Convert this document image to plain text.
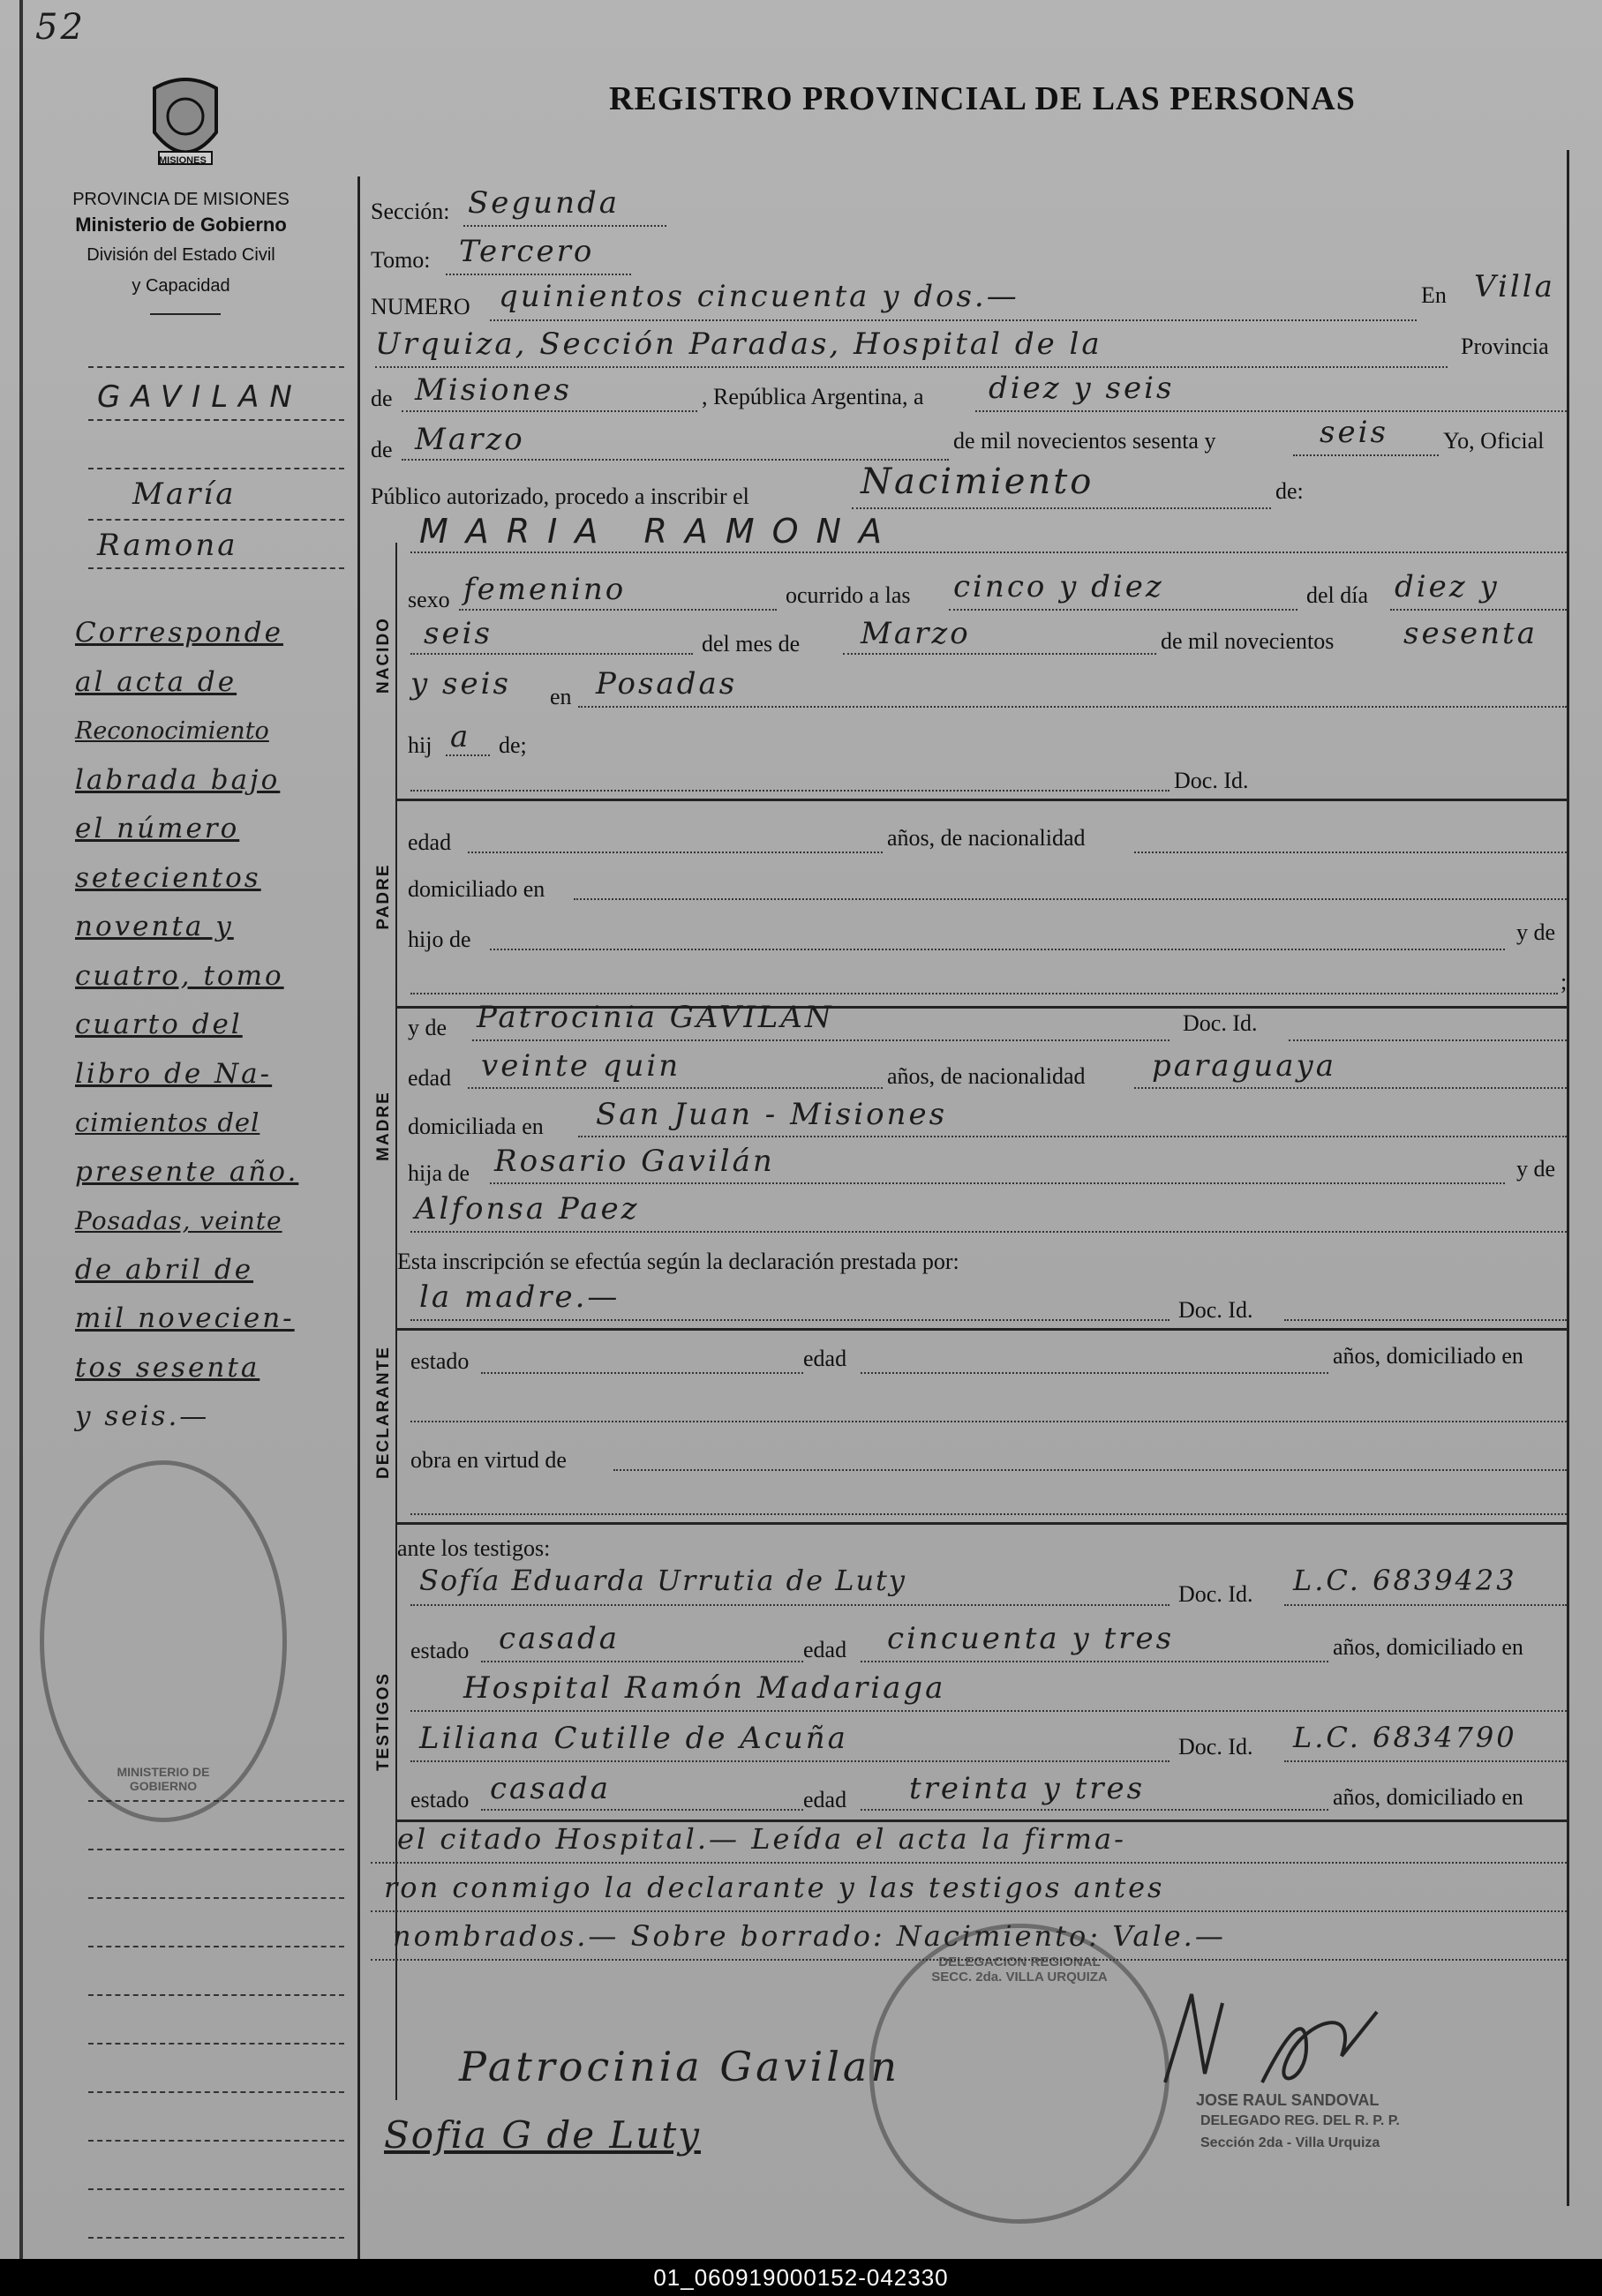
52
MISIONES
PROVINCIA DE MISIONES
Ministerio de Gobierno
División del Estado Civil
y Capacidad
REGISTRO PROVINCIAL DE LAS PERSONAS
GAVILAN
María
Ramona
Corresponde
al acta de
Reconocimiento
labrada bajo
el número
setecientos
noventa y
cuatro, tomo
cuarto del
libro de Na-
cimientos del
presente año.
Posadas, veinte
de abril de
mil novecien-
tos sesenta
y seis.—
Sección: Segunda
Tomo: Tercero
NUMERO quinientos cincuenta y dos.—	En Villa
Urquiza, Sección Paradas, Hospital de la	Provincia
de Misiones	, República Argentina, a diez y seis
de Marzo	de mil novecientos sesenta y	seis Yo, Oficial
Público autorizado, procedo a inscribir el	Nacimiento	de:
MARIA RAMONA
NACIDO
sexo femenino	ocurrido a las cinco y diez	del día diez y
seis	del mes de Marzo	de mil novecientos sesenta
y seis en Posadas
hij a de;
Doc. Id.
PADRE
edad	años, de nacionalidad
domiciliado en
hijo de	y de
;
y de Patrocinia GAVILAN	Doc. Id.
MADRE
edad veinte quin	años, de nacionalidad paraguaya
domiciliada en San Juan - Misiones
hija de Rosario Gavilán	y de
Alfonsa Paez
Esta inscripción se efectúa según la declaración prestada por:
la madre.—	Doc. Id.
DECLARANTE estado	edad	años, domiciliado en
obra en virtud de
ante los testigos:
TESTIGOS
Sofía Eduarda Urrutia de Luty	Doc. Id. L.C. 6839423
estado casada	edad cincuenta y tres	años, domiciliado en
Hospital Ramón Madariaga
Liliana Cutille de Acuña	Doc. Id. L.C. 6834790
estado casada	edad treinta y tres	años, domiciliado en
el citado Hospital.— Leída el acta la firma-
ron conmigo la declarante y las testigos antes
nombrados.— Sobre borrado: Nacimiento: Vale.—
Patrocinia Gavilan
Sofia G de Luty
JOSE RAUL SANDOVAL
DELEGADO REG. DEL R. P. P.
Sección 2da - Villa Urquiza
DELEGACION REGIONAL SECC. 2da. VILLA URQUIZA
MINISTERIO DE GOBIERNO
01_060919000152-042330
